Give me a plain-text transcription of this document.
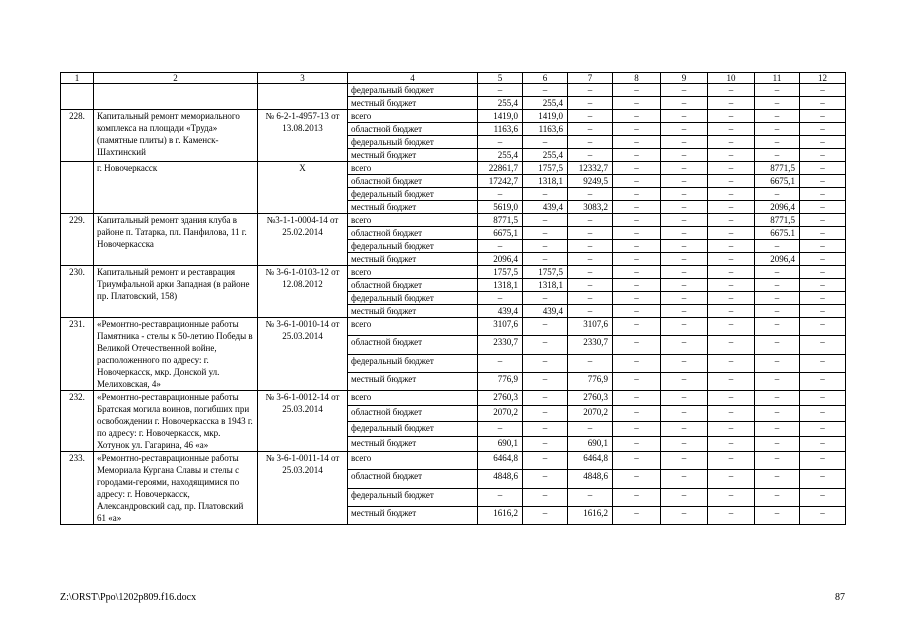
1	2	3	4	5	6	7	8	9	10	11	12
			федеральный бюджет	–	–	–	–	–	–	–	–
			местный бюджет	255,4	255,4	–	–	–	–	–	–
228.	Капитальный ремонт мемориального комплекса на площади «Труда» (памятные плиты) в г. Каменск-Шахтинский	№ 6-2-1-4957-13 от 13.08.2013	всего	1419,0	1419,0	–	–	–	–	–	–
			областной бюджет	1163,6	1163,6	–	–	–	–	–	–
			федеральный бюджет	–	–	–	–	–	–	–	–
			местный бюджет	255,4	255,4	–	–	–	–	–	–
	г. Новочеркасск	Х	всего	22861,7	1757,5	12332,7	–	–	–	8771,5	–
			областной бюджет	17242,7	1318,1	9249,5	–	–	–	6675,1	–
			федеральный бюджет	–	–	–	–	–	–	–	–
			местный бюджет	5619,0	439,4	3083,2	–	–	–	2096,4	–
229.	Капитальный ремонт здания клуба в районе п. Татарка, пл. Панфилова, 11 г. Новочеркасска	№3-1-1-0004-14 от 25.02.2014	всего	8771,5	–	–	–	–	–	8771,5	–
			областной бюджет	6675,1	–	–	–	–	–	6675.1	–
			федеральный бюджет	–	–	–	–	–	–	–	–
			местный бюджет	2096,4	–	–	–	–	–	2096,4	–
230.	Капитальный ремонт и реставрация Триумфальной арки Западная (в районе пр. Платовский, 158)	№ 3-6-1-0103-12 от 12.08.2012	всего	1757,5	1757,5	–	–	–	–	–	–
			областной бюджет	1318,1	1318,1	–	–	–	–	–	–
			федеральный бюджет	–	–	–	–	–	–	–	–
			местный бюджет	439,4	439,4	–	–	–	–	–	–
231.	«Ремонтно-реставрационные работы Памятника - стелы к 50-летию Победы в Великой Отечественной войне, расположенного по адресу: г. Новочеркасск, мкр. Донской ул. Мелиховская, 4»	№ 3-6-1-0010-14 от 25.03.2014	всего	3107,6	–	3107,6	–	–	–	–	–
			областной бюджет	2330,7	–	2330,7	–	–	–	–	–
			федеральный бюджет	–	–	–	–	–	–	–	–
			местный бюджет	776,9	–	776,9	–	–	–	–	–
232.	«Ремонтно-реставрационные работы Братская могила воинов, погибших при освобождении г. Новочеркасска в 1943 г. по адресу: г. Новочеркасск, мкр. Хотунок ул. Гагарина, 46 «а»	№ 3-6-1-0012-14 от 25.03.2014	всего	2760,3	–	2760,3	–	–	–	–	–
			областной бюджет	2070,2	–	2070,2	–	–	–	–	–
			федеральный бюджет	–	–	–	–	–	–	–	–
			местный бюджет	690,1	–	690,1	–	–	–	–	–
233.	«Ремонтно-реставрационные работы Мемориала Кургана Славы и стелы с городами-героями, находящимися по адресу: г. Новочеркасск, Александровский сад, пр. Платовский 61 «а»	№ 3-6-1-0011-14 от 25.03.2014	всего	6464,8	–	6464,8	–	–	–	–	–
			областной бюджет	4848,6	–	4848,6	–	–	–	–	–
			федеральный бюджет	–	–	–	–	–	–	–	–
			местный бюджет	1616,2	–	1616,2	–	–	–	–	–
Z:\ORST\Ppo\1202p809.f16.docx	87
